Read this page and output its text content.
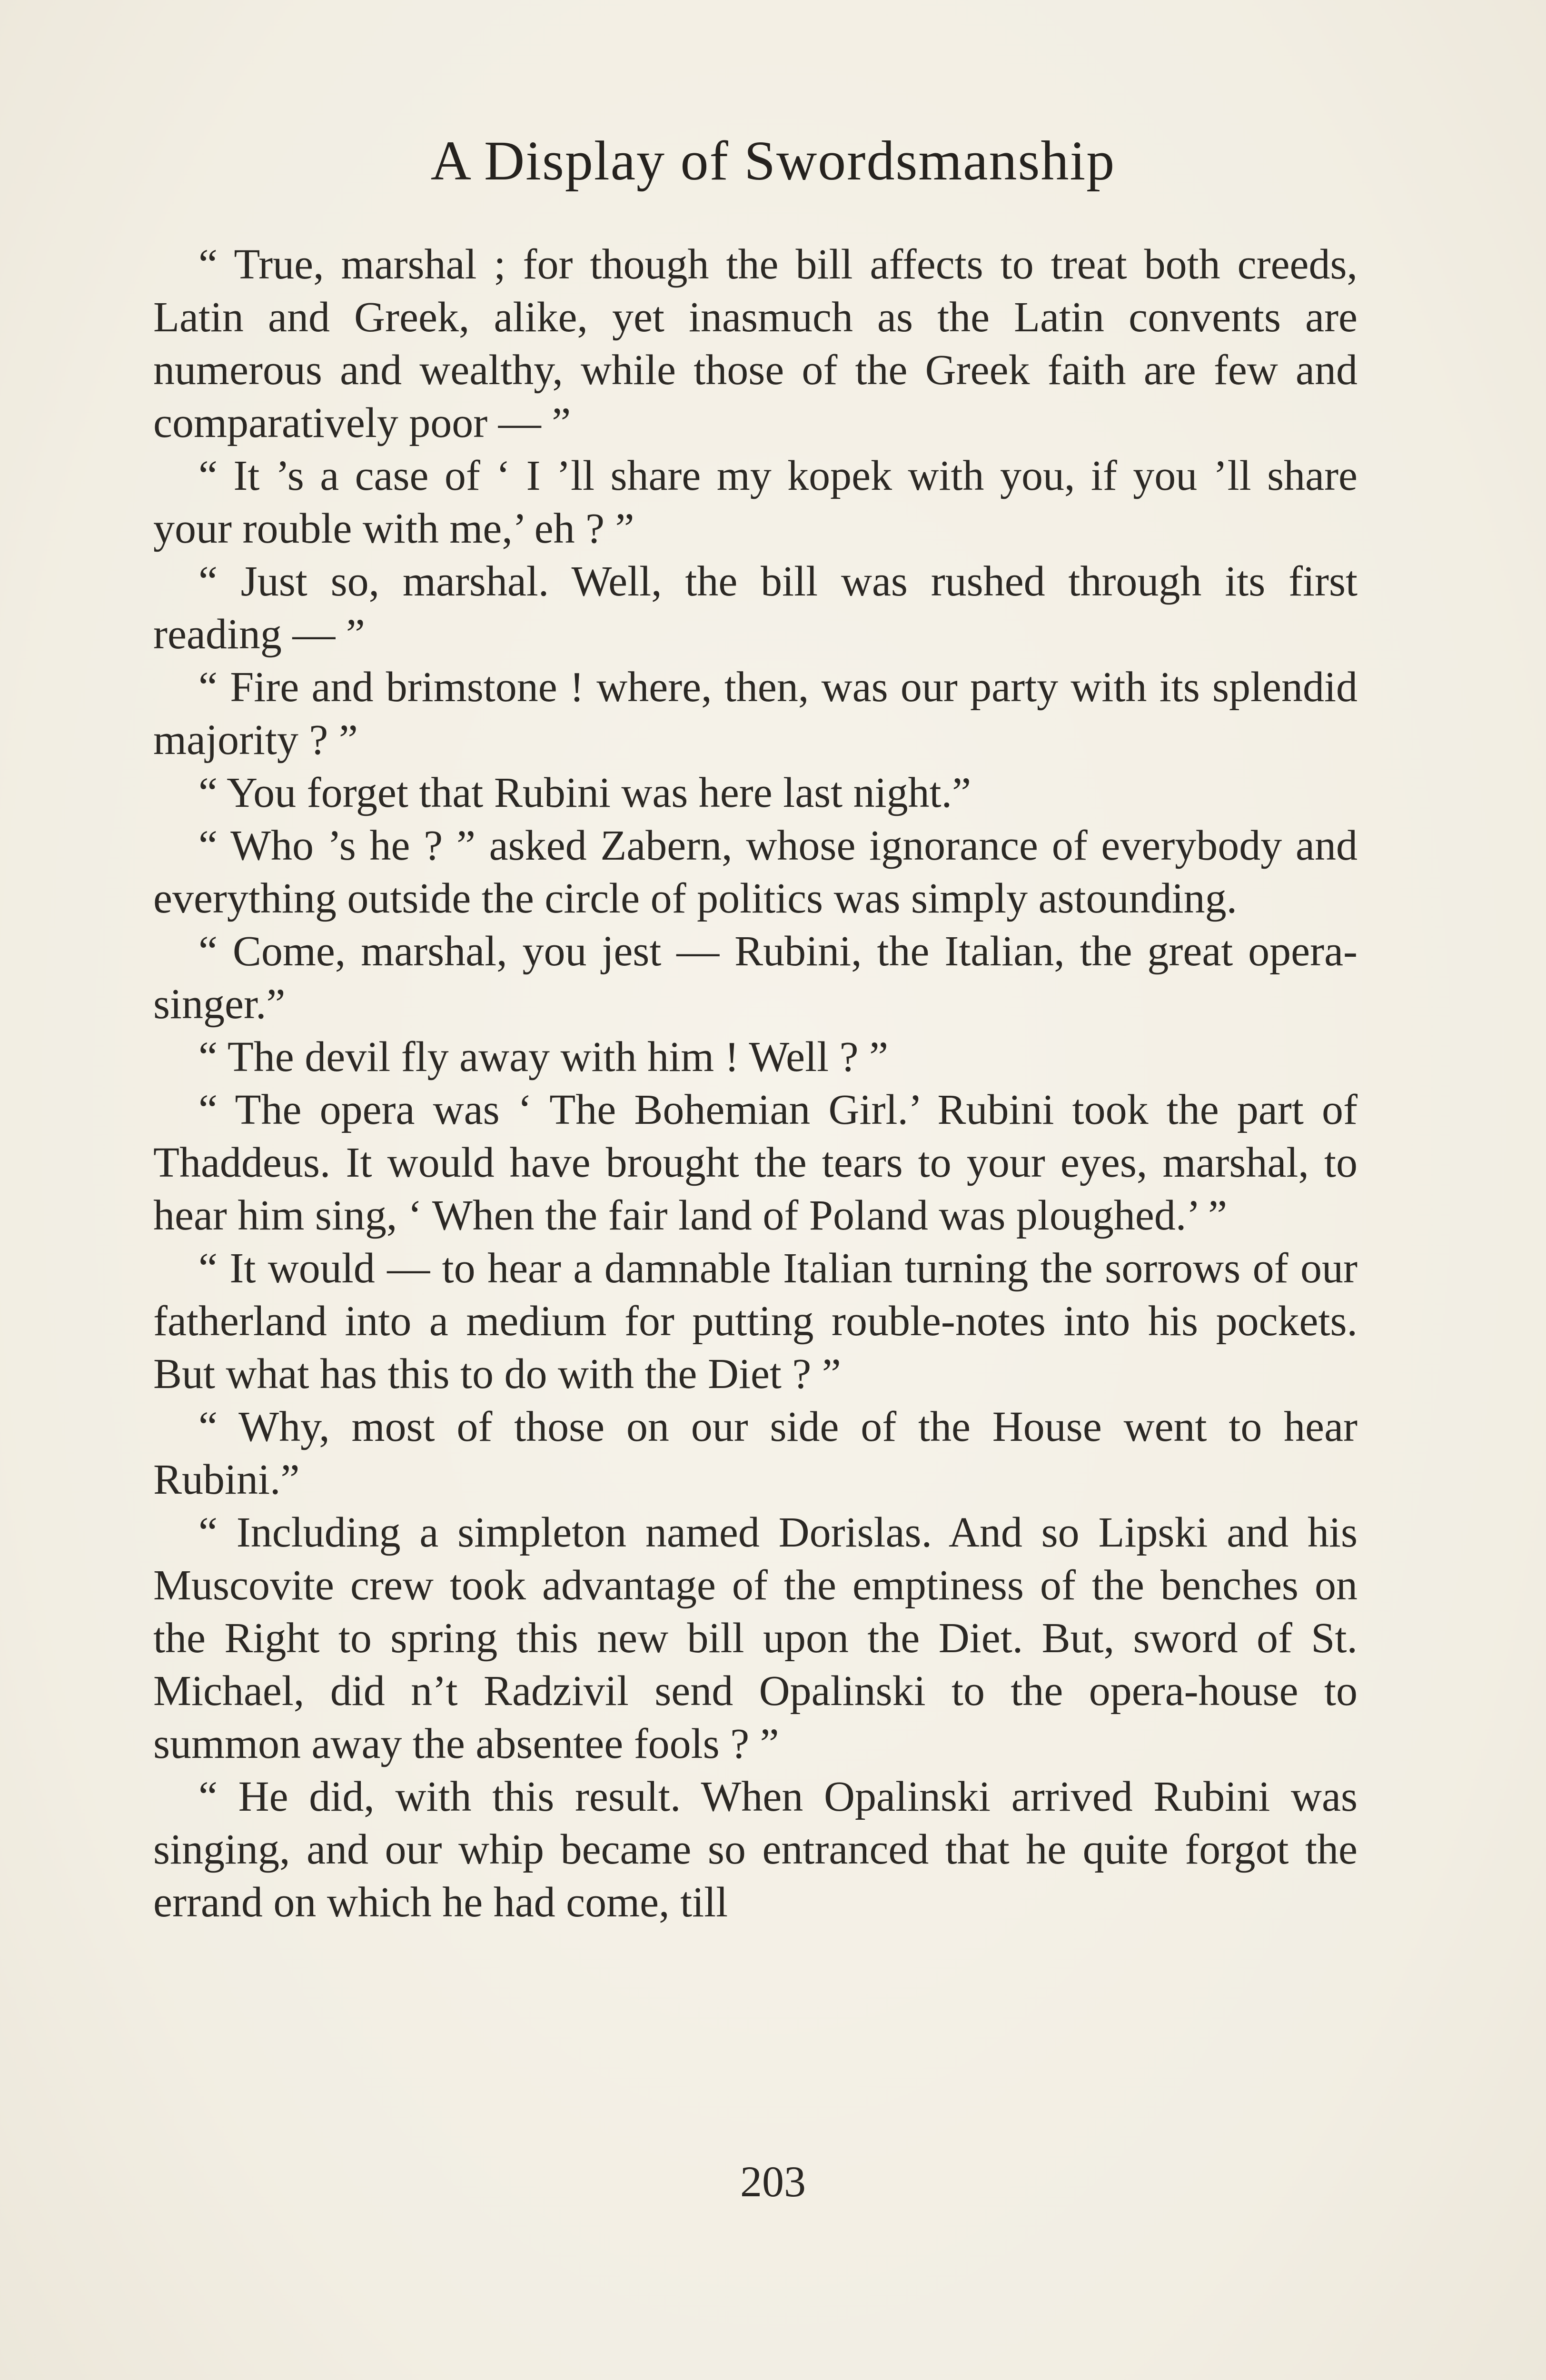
A Display of Swordsmanship

“ True, marshal ; for though the bill affects to treat both creeds, Latin and Greek, alike, yet inasmuch as the Latin convents are numerous and wealthy, while those of the Greek faith are few and comparatively poor — ”

“ It ’s a case of ‘ I ’ll share my kopek with you, if you ’ll share your rouble with me,’ eh ? ”

“ Just so, marshal. Well, the bill was rushed through its first reading — ”

“ Fire and brimstone ! where, then, was our party with its splendid majority ? ”

“ You forget that Rubini was here last night.”

“ Who ’s he ? ” asked Zabern, whose ignorance of everybody and everything outside the circle of politics was simply astounding.

“ Come, marshal, you jest — Rubini, the Italian, the great opera-singer.”

“ The devil fly away with him ! Well ? ”

“ The opera was ‘ The Bohemian Girl.’ Rubini took the part of Thaddeus. It would have brought the tears to your eyes, marshal, to hear him sing, ‘ When the fair land of Poland was ploughed.’ ”

“ It would — to hear a damnable Italian turning the sorrows of our fatherland into a medium for putting rouble-notes into his pockets. But what has this to do with the Diet ? ”

“ Why, most of those on our side of the House went to hear Rubini.”

“ Including a simpleton named Dorislas. And so Lipski and his Muscovite crew took advantage of the emptiness of the benches on the Right to spring this new bill upon the Diet. But, sword of St. Michael, did n’t Radzivil send Opalinski to the opera-house to summon away the absentee fools ? ”

“ He did, with this result. When Opalinski arrived Rubini was singing, and our whip became so entranced that he quite forgot the errand on which he had come, till

203
